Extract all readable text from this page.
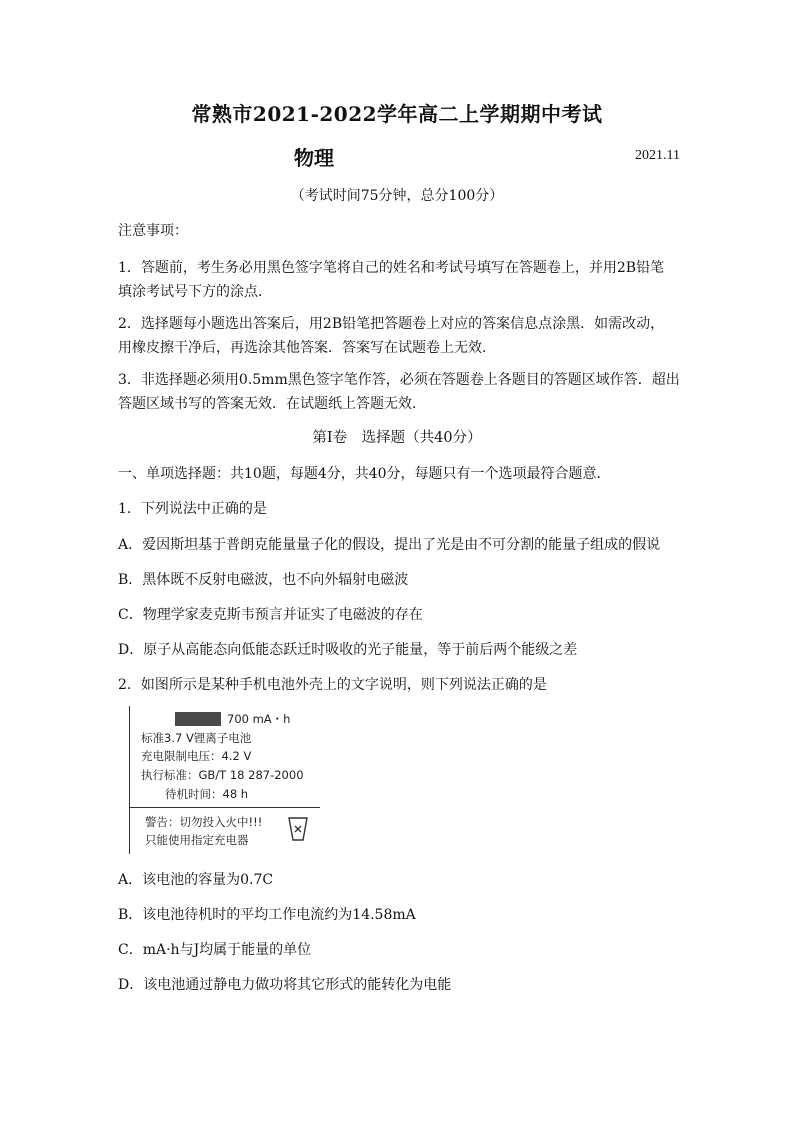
常熟市2021-2022学年高二上学期期中考试
物理	2021.11
（考试时间75分钟，总分100分）
注意事项：
1．答题前，考生务必用黑色签字笔将自己的姓名和考试号填写在答题卷上，并用2B铅笔
填涂考试号下方的涂点．
2．选择题每小题选出答案后，用2B铅笔把答题卷上对应的答案信息点涂黑．如需改动，
用橡皮擦干净后，再选涂其他答案．答案写在试题卷上无效．
3．非选择题必须用0.5mm黑色签字笔作答，必须在答题卷上各题目的答题区域作答．超出
答题区域书写的答案无效．在试题纸上答题无效．
第Ⅰ卷　选择题（共40分）
一、单项选择题：共10题，每题4分，共40分，每题只有一个选项最符合题意．
1．下列说法中正确的是
A．爱因斯坦基于普朗克能量量子化的假设，提出了光是由不可分割的能量子组成的假说
B．黑体既不反射电磁波，也不向外辐射电磁波
C．物理学家麦克斯韦预言并证实了电磁波的存在
D．原子从高能态向低能态跃迁时吸收的光子能量，等于前后两个能级之差
2．如图所示是某种手机电池外壳上的文字说明，则下列说法正确的是
700 mA・h
标准3.7 V锂离子电池
充电限制电压：4.2 V
执行标准：GB/T 18 287-2000
待机时间：48 h
警告：切勿投入火中!!!
只能使用指定充电器
A．该电池的容量为0.7C
B．该电池待机时的平均工作电流约为14.58mA
C．mA·h与J均属于能量的单位
D．该电池通过静电力做功将其它形式的能转化为电能
